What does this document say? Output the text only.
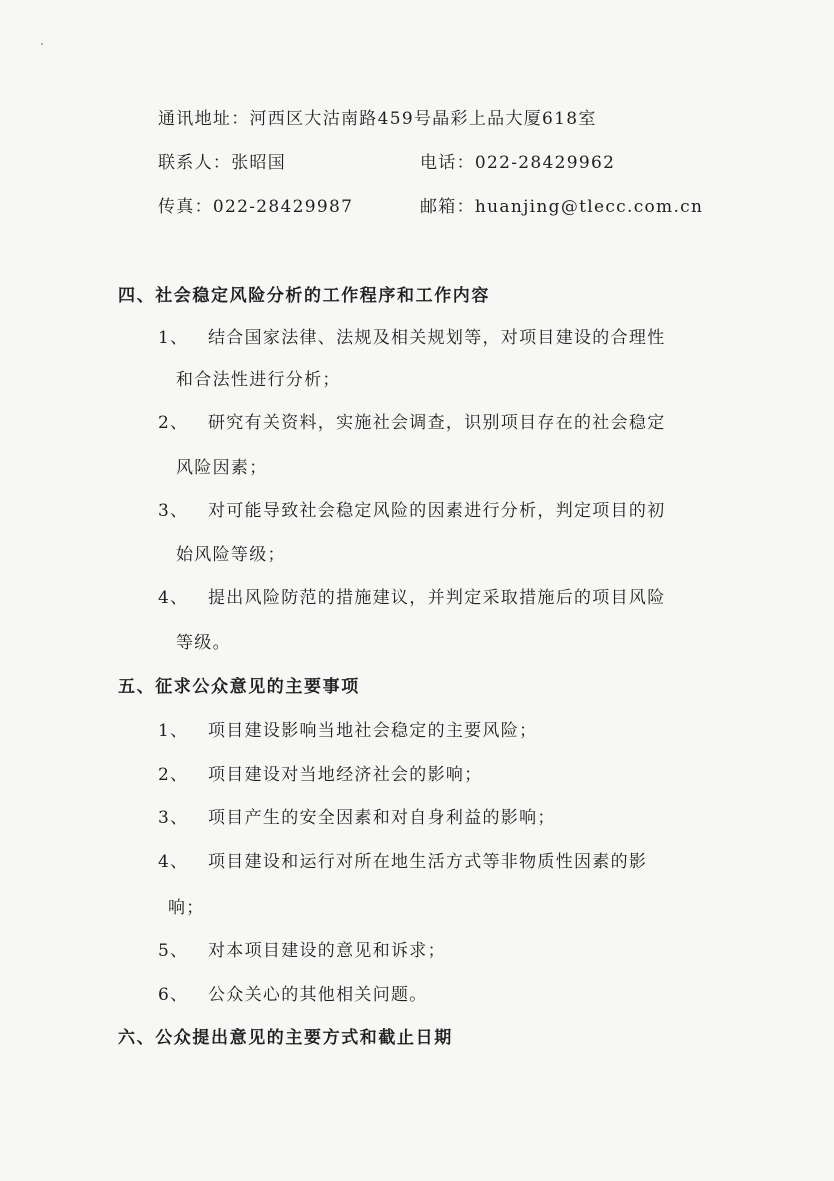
通讯地址：河西区大沽南路459号晶彩上品大厦618室
联系人：张昭国	电话：022-28429962
传真：022-28429987	邮箱：huanjing@tlecc.com.cn
四、社会稳定风险分析的工作程序和工作内容
1、 结合国家法律、法规及相关规划等，对项目建设的合理性
和合法性进行分析；
2、 研究有关资料，实施社会调查，识别项目存在的社会稳定
风险因素；
3、 对可能导致社会稳定风险的因素进行分析，判定项目的初
始风险等级；
4、 提出风险防范的措施建议，并判定采取措施后的项目风险
等级。
五、征求公众意见的主要事项
1、 项目建设影响当地社会稳定的主要风险；
2、 项目建设对当地经济社会的影响；
3、 项目产生的安全因素和对自身利益的影响；
4、 项目建设和运行对所在地生活方式等非物质性因素的影
响；
5、 对本项目建设的意见和诉求；
6、 公众关心的其他相关问题。
六、公众提出意见的主要方式和截止日期
